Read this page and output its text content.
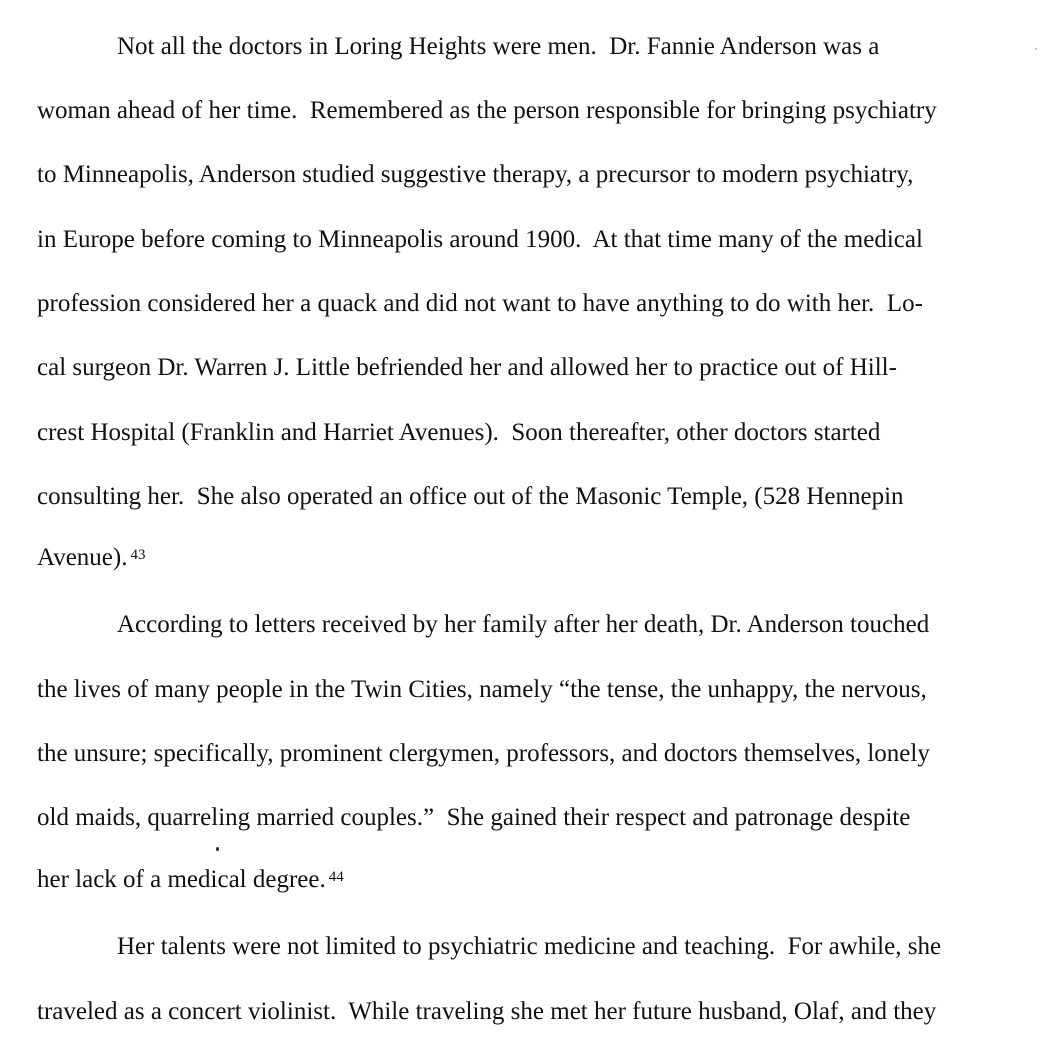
Not all the doctors in Loring Heights were men.  Dr. Fannie Anderson was a
woman ahead of her time.  Remembered as the person responsible for bringing psychiatry
to Minneapolis, Anderson studied suggestive therapy, a precursor to modern psychiatry,
in Europe before coming to Minneapolis around 1900.  At that time many of the medical
profession considered her a quack and did not want to have anything to do with her.  Lo-
cal surgeon Dr. Warren J. Little befriended her and allowed her to practice out of Hill-
crest Hospital (Franklin and Harriet Avenues).  Soon thereafter, other doctors started
consulting her.  She also operated an office out of the Masonic Temple, (528 Hennepin
Avenue). $^{43}$
According to letters received by her family after her death, Dr. Anderson touched
the lives of many people in the Twin Cities, namely “the tense, the unhappy, the nervous,
the unsure; specifically, prominent clergymen, professors, and doctors themselves, lonely
old maids, quarreling married couples.”  She gained their respect and patronage despite
her lack of a medical degree. $^{44}$
Her talents were not limited to psychiatric medicine and teaching.  For awhile, she
traveled as a concert violinist.  While traveling she met her future husband, Olaf, and they
